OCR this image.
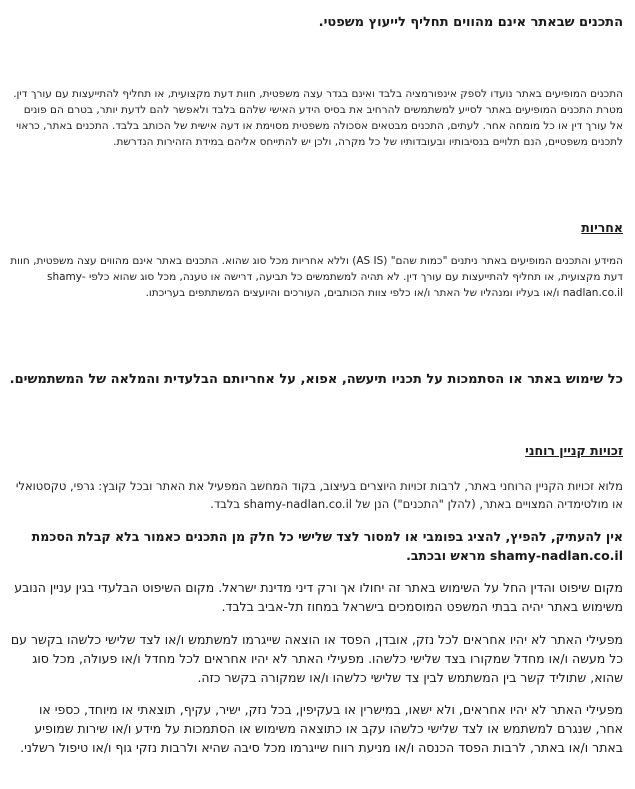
התכנים שבאתר אינם מהווים תחליף לייעוץ משפטי.

התכנים המופיעים באתר נועדו לספק אינפורמציה בלבד ואינם בגדר עצה משפטית, חוות דעת מקצועית, או תחליף להתייעצות עם עורך דין. מטרת התכנים המופיעים באתר לסייע למשתמשים להרחיב את בסיס הידע האישי שלהם בלבד ולאפשר להם לדעת יותר, בטרם הם פונים אל עורך דין או כל מומחה אחר. לעתים, התכנים מבטאים אסכולה משפטית מסוימת או דעה אישית של הכותב בלבד. התכנים באתר, כראוי לתכנים משפטיים, הנם תלויים בנסיבותיו ובעובדותיו של כל מקרה, ולכן יש להתייחס אליהם במידת הזהירות הנדרשת.

אחריות

המידע והתכנים המופיעים באתר ניתנים "כמות שהם" (AS IS) וללא אחריות מכל סוג שהוא. התכנים באתר אינם מהווים עצה משפטית, חוות דעת מקצועית, או תחליף להתייעצות עם עורך דין. לא תהיה למשתמשים כל תביעה, דרישה או טענה, מכל סוג שהוא כלפי shamy-nadlan.co.il ו/או בעליו ומנהליו של האתר ו/או כלפי צוות הכותבים, העורכים והיועצים המשתתפים בעריכתו.

כל שימוש באתר או הסתמכות על תכניו תיעשה, אפוא, על אחריותם הבלעדית והמלאה של המשתמשים.

זכויות קניין רוחני

מלוא זכויות הקניין הרוחני באתר, לרבות זכויות היוצרים בעיצוב, בקוד המחשב המפעיל את האתר ובכל קובץ: גרפי, טקסטואלי או מולטימדיה המצויים באתר, (להלן "התכנים") הנן של shamy-nadlan.co.il בלבד.

אין להעתיק, להפיץ, להציג בפומבי או למסור לצד שלישי כל חלק מן התכנים כאמור בלא קבלת הסכמת shamy-nadlan.co.il מראש ובכתב.

מקום שיפוט והדין החל על השימוש באתר זה יחולו אך ורק דיני מדינת ישראל. מקום השיפוט הבלעדי בגין עניין הנובע משימוש באתר יהיה בבתי המשפט המוסמכים בישראל במחוז תל-אביב בלבד.

מפעילי האתר לא יהיו אחראים לכל נזק, אובדן, הפסד או הוצאה שייגרמו למשתמש ו/או לצד שלישי כלשהו בקשר עם כל מעשה ו/או מחדל שמקורו בצד שלישי כלשהו. מפעילי האתר לא יהיו אחראים לכל מחדל ו/או פעולה, מכל סוג שהוא, שתוליד קשר בין המשתמש לבין צד שלישי כלשהו ו/או שמקורה בקשר כזה.

מפעילי האתר לא יהיו אחראים, ולא ישאו, במישרין או בעקיפין, בכל נזק, ישיר, עקיף, תוצאתי או מיוחד, כספי או אחר, שנגרם למשתמש או לצד שלישי כלשהו עקב או כתוצאה משימוש או הסתמכות על מידע ו/או שירות שמופיע באתר ו/או באתר, לרבות הפסד הכנסה ו/או מניעת רווח שייגרמו מכל סיבה שהיא ולרבות נזקי גוף ו/או טיפול רשלני.
